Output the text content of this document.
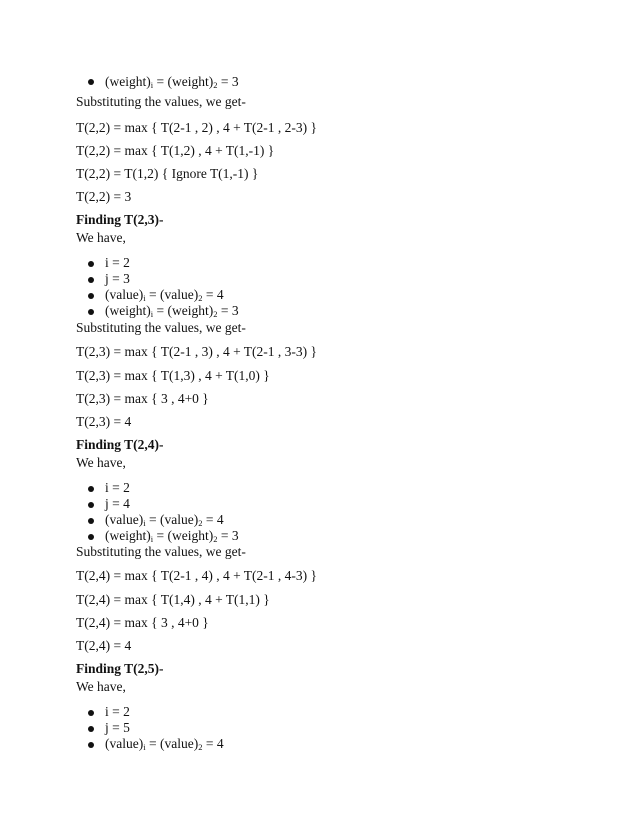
$(weight)_i$ = $(weight)_2 = 3$
Substituting the values, we get-
T(2,2) = max { T(2-1 , 2) , 4 + T(2-1 , 2-3) }
T(2,2) = max { T(1,2) , 4 + T(1,-1) }
T(2,2) = T(1,2) { Ignore T(1,-1) }
T(2,2) = 3
Finding T(2,3)-
We have,
i = 2
j = 3
$(value)_i$ = $(value)_2 = 4$
$(weight)_i$ = $(weight)_2 = 3$
Substituting the values, we get-
T(2,3) = max { T(2-1 , 3) , 4 + T(2-1 , 3-3) }
T(2,3) = max { T(1,3) , 4 + T(1,0) }
T(2,3) = max { 3 , 4+0 }
T(2,3) = 4
Finding T(2,4)-
We have,
i = 2
j = 4
$(value)_i$ = $(value)_2 = 4$
$(weight)_i$ = $(weight)_2 = 3$
Substituting the values, we get-
T(2,4) = max { T(2-1 , 4) , 4 + T(2-1 , 4-3) }
T(2,4) = max { T(1,4) , 4 + T(1,1) }
T(2,4) = max { 3 , 4+0 }
T(2,4) = 4
Finding T(2,5)-
We have,
i = 2
j = 5
$(value)_i$ = $(value)_2 = 4$
